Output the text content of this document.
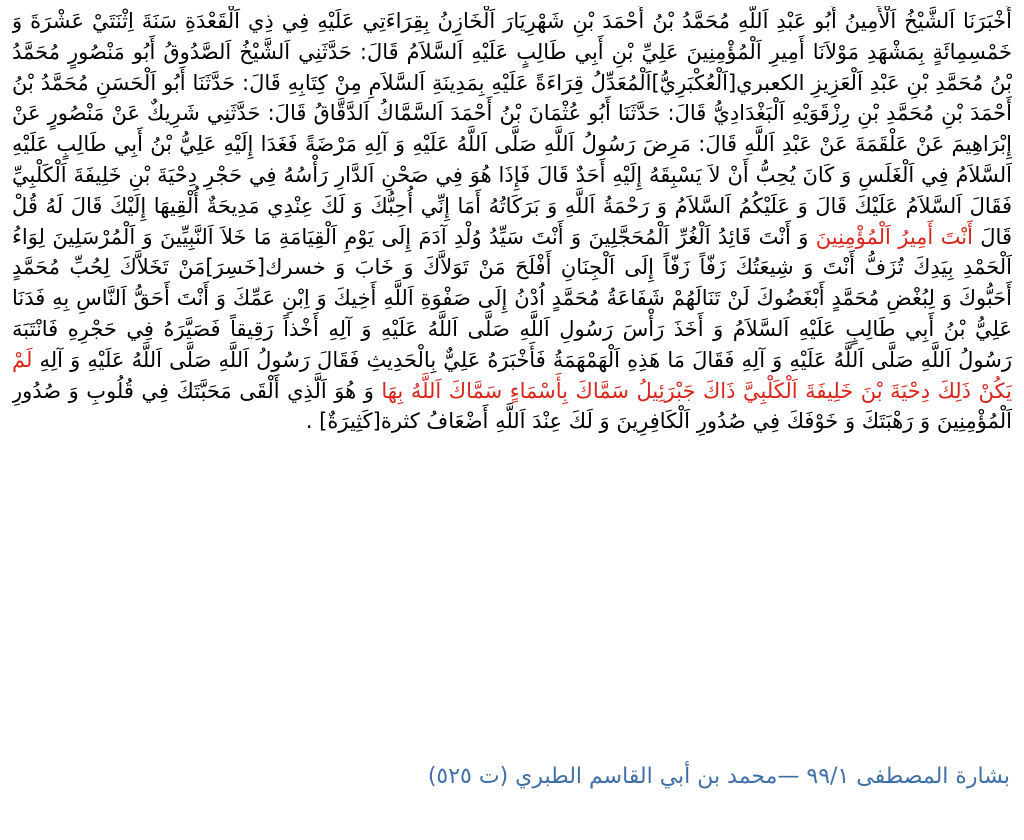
أَخْبَرَنَا اَلشَّيْخُ اَلْأَمِينُ أَبُو عَبْدِ اَللَّهِ مُحَمَّدُ بْنُ أَحْمَدَ بْنِ شَهْرِيَارَ اَلْخَازِنُ بِقِرَاءَتِي عَلَيْهِ فِي ذِي اَلْقَعْدَةِ سَنَةَ اِثْنَتَيْ عَشْرَةَ وَ خَمْسِمِائَةٍ بِمَشْهَدِ مَوْلاَنَا أَمِيرِ اَلْمُؤْمِنِينَ عَلِيِّ بْنِ أَبِي طَالِبٍ عَلَيْهِ اَلسَّلاَمُ قَالَ: حَدَّثَنِي اَلشَّيْخُ اَلصَّدُوقُ أَبُو مَنْصُورٍ مُحَمَّدُ بْنُ مُحَمَّدِ بْنِ عَبْدِ اَلْعَزِيزِ الكعبري[اَلْعُكْبَرِيُّ]اَلْمُعَدِّلُ قِرَاءَةً عَلَيْهِ بِمَدِينَةِ اَلسَّلاَمِ مِنْ كِتَابِهِ قَالَ: حَدَّثَنَا أَبُو اَلْحَسَنِ مُحَمَّدُ بْنُ أَحْمَدَ بْنِ مُحَمَّدِ بْنِ رِزْقَوَيْهِ اَلْبَغْدَادِيُّ قَالَ: حَدَّثَنَا أَبُو عُثْمَانَ بْنُ أَحْمَدَ اَلسَّمَّاكُ اَلدَّقَّاقُ قَالَ: حَدَّثَنِي شَرِيكٌ عَنْ مَنْصُورٍ عَنْ إِبْرَاهِيمَ عَنْ عَلْقَمَةَ عَنْ عَبْدِ اَللَّهِ قَالَ: مَرِضَ رَسُولُ اَللَّهِ صَلَّى اَللَّهُ عَلَيْهِ وَ آلِهِ مَرْضَةً فَغَدَا إِلَيْهِ عَلِيُّ بْنُ أَبِي طَالِبٍ عَلَيْهِ اَلسَّلاَمُ فِي اَلْغَلَسِ وَ كَانَ يُحِبُّ أَنْ لاَ يَسْبِقَهُ إِلَيْهِ أَحَدٌ قَالَ فَإِذَا هُوَ فِي صَحْنِ اَلدَّارِ رَأْسُهُ فِي حَجْرِ دِحْيَةَ بْنِ خَلِيفَةَ اَلْكَلْبِيِّ فَقَالَ اَلسَّلاَمُ عَلَيْكَ قَالَ وَ عَلَيْكُمُ اَلسَّلاَمُ وَ رَحْمَةُ اَللَّهِ وَ بَرَكَاتُهُ أَمَا إِنِّي أُحِبُّكَ وَ لَكَ عِنْدِي مَدِيحَةٌ أُلْقِيهَا إِلَيْكَ قَالَ لَهُ قُلْ قَالَ أَنْتَ أَمِيرُ اَلْمُؤْمِنِينَ وَ أَنْتَ قَائِدُ اَلْغُرِّ اَلْمُحَجَّلِينَ وَ أَنْتَ سَيِّدُ وُلْدِ آدَمَ إِلَى يَوْمِ اَلْقِيَامَةِ مَا خَلاَ اَلنَّبِيِّينَ وَ اَلْمُرْسَلِينَ لِوَاءُ اَلْحَمْدِ بِيَدِكَ تُزَفُّ أَنْتَ وَ شِيعَتُكَ زَفّاً زَفّاً إِلَى اَلْجِنَانِ أَفْلَحَ مَنْ تَوَلاَّكَ وَ خَابَ وَ خسرك[خَسِرَ]مَنْ تَخَلاَّكَ لِحُبِّ مُحَمَّدٍ أَحَبُّوكَ وَ لِبُغْضِ مُحَمَّدٍ أَبْغَضُوكَ لَنْ تَنَالَهُمْ شَفَاعَةُ مُحَمَّدٍ اُدْنُ إِلَى صَفْوَةِ اَللَّهِ أَخِيكَ وَ اِبْنِ عَمِّكَ وَ أَنْتَ أَحَقُّ اَلنَّاسِ بِهِ فَدَنَا عَلِيُّ بْنُ أَبِي طَالِبٍ عَلَيْهِ اَلسَّلاَمُ وَ أَخَذَ رَأْسَ رَسُولِ اَللَّهِ صَلَّى اَللَّهُ عَلَيْهِ وَ آلِهِ أَخْذاً رَقِيقاً فَصَيَّرَهُ فِي حَجْرِهِ فَانْتَبَهَ رَسُولُ اَللَّهِ صَلَّى اَللَّهُ عَلَيْهِ وَ آلِهِ فَقَالَ مَا هَذِهِ اَلْهَمْهَمَةُ فَأَخْبَرَهُ عَلِيٌّ بِالْحَدِيثِ فَقَالَ رَسُولُ اَللَّهِ صَلَّى اَللَّهُ عَلَيْهِ وَ آلِهِ لَمْ يَكُنْ ذَلِكَ دِحْيَةَ بْنَ خَلِيفَةَ اَلْكَلْبِيَّ ذَاكَ جَبْرَئِيلُ سَمَّاكَ بِأَسْمَاءٍ سَمَّاكَ اَللَّهُ بِهَا وَ هُوَ اَلَّذِي أَلْقَى مَحَبَّتَكَ فِي قُلُوبِ وَ صُدُورِ اَلْمُؤْمِنِينَ وَ رَهْبَتَكَ وَ خَوْفَكَ فِي صُدُورِ اَلْكَافِرِينَ وَ لَكَ عِنْدَ اَللَّهِ أَضْعَافُ كثرة[كَثِيرَةٌ] .
بشارة المصطفى ٩٩/١ —محمد بن أبي القاسم الطبري (ت ٥٢٥)
